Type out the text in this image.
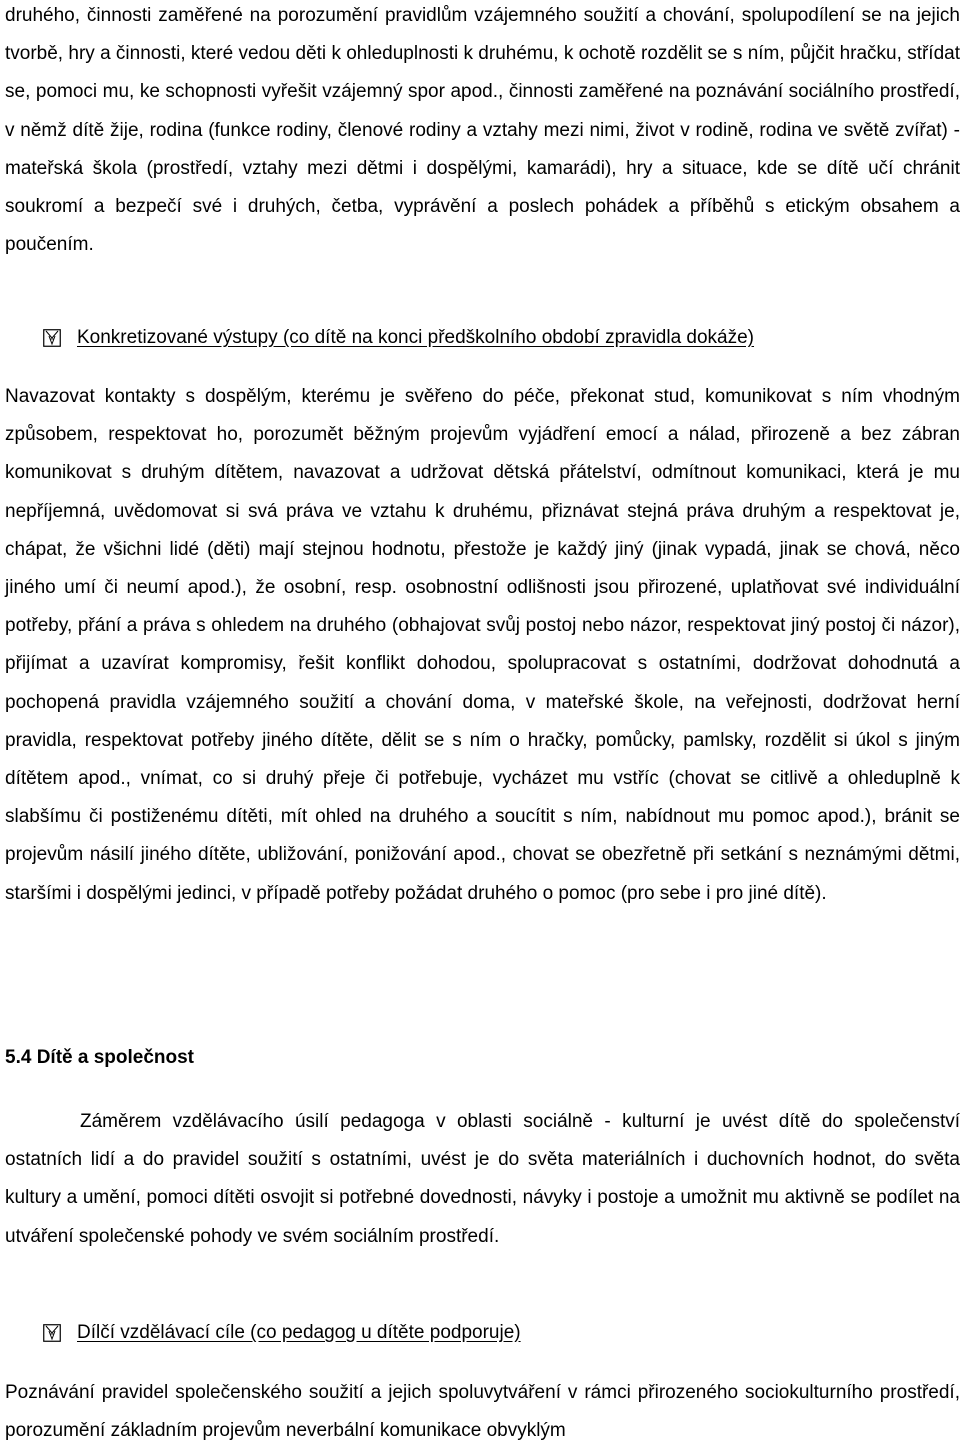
druhého, činnosti zaměřené na porozumění pravidlům vzájemného soužití a chování, spolupodílení se na jejich tvorbě, hry a činnosti, které vedou děti k ohleduplnosti k druhému, k ochotě rozdělit se s ním, půjčit hračku, střídat se, pomoci mu, ke schopnosti vyřešit vzájemný spor apod., činnosti zaměřené na poznávání sociálního prostředí, v němž dítě žije, rodina (funkce rodiny, členové rodiny a vztahy mezi nimi, život v rodině, rodina ve světě zvířat) - mateřská škola (prostředí, vztahy mezi dětmi i dospělými, kamarádi), hry a situace, kde se dítě učí chránit soukromí a bezpečí své i druhých, četba, vyprávění a poslech pohádek a příběhů s etickým obsahem a poučením.

Konkretizované výstupy (co dítě na konci předškolního období zpravidla dokáže)

Navazovat kontakty s dospělým, kterému je svěřeno do péče, překonat stud, komunikovat s ním vhodným způsobem, respektovat ho, porozumět běžným projevům vyjádření emocí a nálad, přirozeně a bez zábran komunikovat s druhým dítětem, navazovat a udržovat dětská přátelství, odmítnout komunikaci, která je mu nepříjemná, uvědomovat si svá práva ve vztahu k druhému, přiznávat stejná práva druhým a respektovat je, chápat, že všichni lidé (děti) mají stejnou hodnotu, přestože je každý jiný (jinak vypadá, jinak se chová, něco jiného umí či neumí apod.), že osobní, resp. osobnostní odlišnosti jsou přirozené, uplatňovat své individuální potřeby, přání a práva s ohledem na druhého (obhajovat svůj postoj nebo názor, respektovat jiný postoj či názor), přijímat a uzavírat kompromisy, řešit konflikt dohodou, spolupracovat s ostatními, dodržovat dohodnutá a pochopená pravidla vzájemného soužití a chování doma, v mateřské škole, na veřejnosti, dodržovat herní pravidla, respektovat potřeby jiného dítěte, dělit se s ním o hračky, pomůcky, pamlsky, rozdělit si úkol s jiným dítětem apod., vnímat, co si druhý přeje či potřebuje, vycházet mu vstříc (chovat se citlivě a ohleduplně k slabšímu či postiženému dítěti, mít ohled na druhého a soucítit s ním, nabídnout mu pomoc apod.), bránit se projevům násilí jiného dítěte, ubližování, ponižování apod., chovat se obezřetně při setkání s neznámými dětmi, staršími i dospělými jedinci, v případě potřeby požádat druhého o pomoc (pro sebe i pro jiné dítě).

5.4 Dítě a společnost

Záměrem vzdělávacího úsilí pedagoga v oblasti sociálně - kulturní je uvést dítě do společenství ostatních lidí a do pravidel soužití s ostatními, uvést je do světa materiálních i duchovních hodnot, do světa kultury a umění, pomoci dítěti osvojit si potřebné dovednosti, návyky i postoje a umožnit mu aktivně se podílet na utváření společenské pohody ve svém sociálním prostředí.

Dílčí vzdělávací cíle (co pedagog u dítěte podporuje)

Poznávání pravidel společenského soužití a jejich spoluvytváření v rámci přirozeného sociokulturního prostředí, porozumění základním projevům neverbální komunikace obvyklým
